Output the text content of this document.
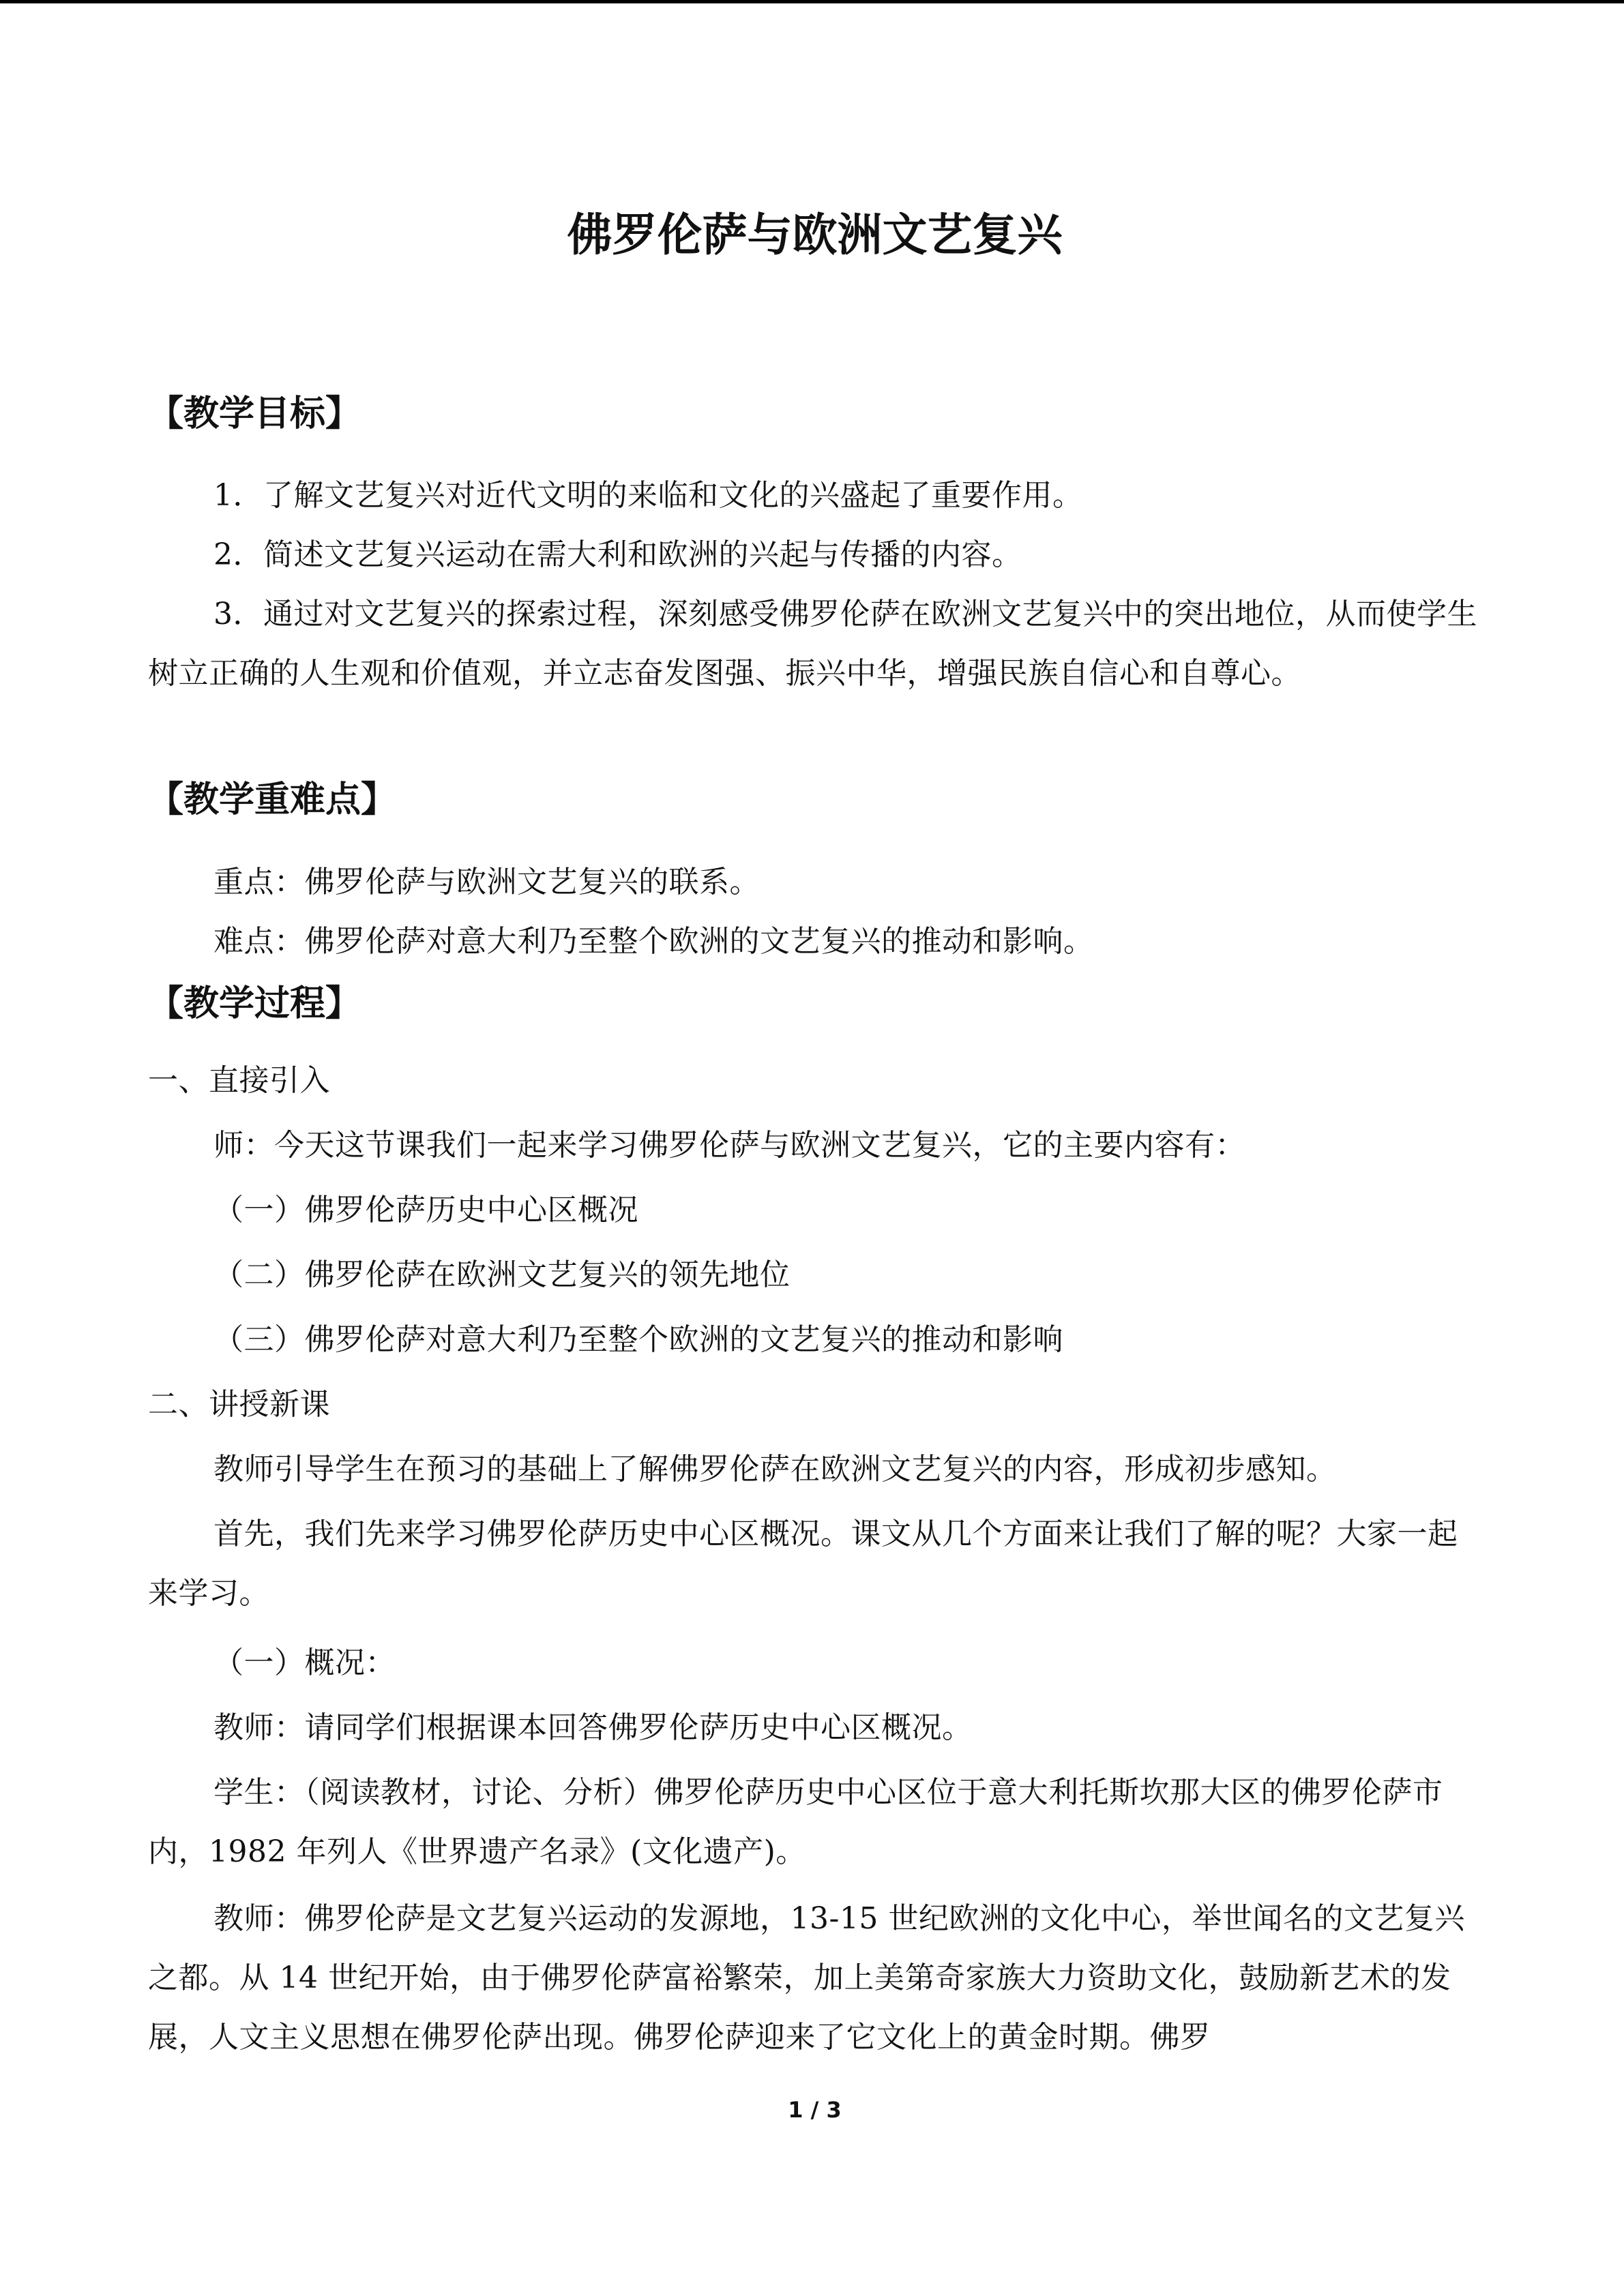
佛罗伦萨与欧洲文艺复兴
【教学目标】
1．了解文艺复兴对近代文明的来临和文化的兴盛起了重要作用。
2．简述文艺复兴运动在需大利和欧洲的兴起与传播的内容。
3．通过对文艺复兴的探索过程，深刻感受佛罗伦萨在欧洲文艺复兴中的突出地位，从而使学生树立正确的人生观和价值观，并立志奋发图强、振兴中华，增强民族自信心和自尊心。
【教学重难点】
重点：佛罗伦萨与欧洲文艺复兴的联系。
难点：佛罗伦萨对意大利乃至整个欧洲的文艺复兴的推动和影响。
【教学过程】
一、直接引入
师：今天这节课我们一起来学习佛罗伦萨与欧洲文艺复兴，它的主要内容有：
（一）佛罗伦萨历史中心区概况
（二）佛罗伦萨在欧洲文艺复兴的领先地位
（三）佛罗伦萨对意大利乃至整个欧洲的文艺复兴的推动和影响
二、讲授新课
教师引导学生在预习的基础上了解佛罗伦萨在欧洲文艺复兴的内容，形成初步感知。
首先，我们先来学习佛罗伦萨历史中心区概况。课文从几个方面来让我们了解的呢？大家一起来学习。
（一）概况：
教师：请同学们根据课本回答佛罗伦萨历史中心区概况。
学生：（阅读教材，讨论、分析）佛罗伦萨历史中心区位于意大利托斯坎那大区的佛罗伦萨市内，1982 年列人《世界遗产名录》(文化遗产)。
教师：佛罗伦萨是文艺复兴运动的发源地，13-15 世纪欧洲的文化中心，举世闻名的文艺复兴之都。从 14 世纪开始，由于佛罗伦萨富裕繁荣，加上美第奇家族大力资助文化，鼓励新艺术的发展，人文主义思想在佛罗伦萨出现。佛罗伦萨迎来了它文化上的黄金时期。佛罗
1 / 3
